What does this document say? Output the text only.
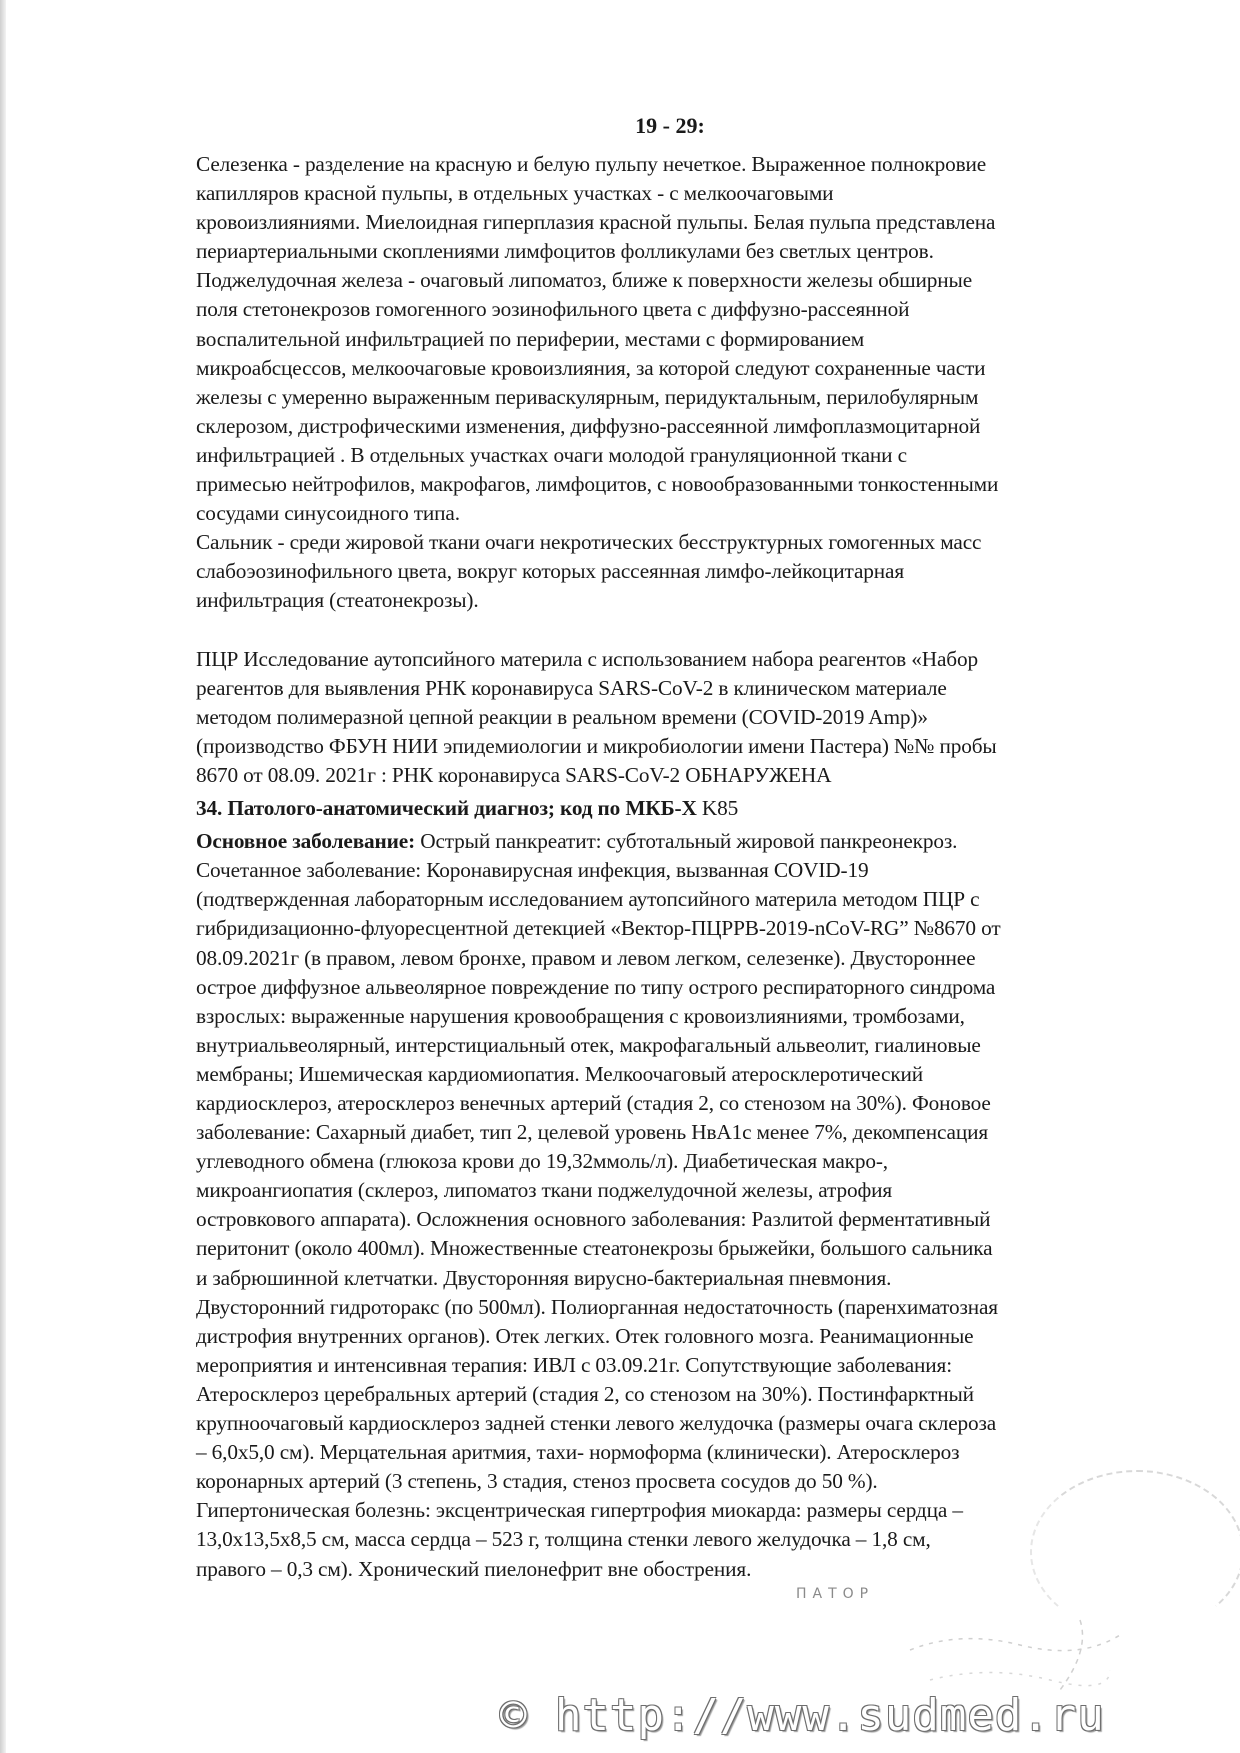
19 - 29:
Селезенка - разделение на красную и белую пульпу нечеткое. Выраженное полнокровие
капилляров красной пульпы, в отдельных участках - с мелкоочаговыми
кровоизлияниями. Миелоидная гиперплазия красной пульпы. Белая пульпа представлена
периартериальными скоплениями лимфоцитов фолликулами без светлых центров.
Поджелудочная железа - очаговый липоматоз, ближе к поверхности железы обширные
поля стетонекрозов гомогенного эозинофильного цвета с диффузно-рассеянной
воспалительной инфильтрацией по периферии, местами с формированием
микроабсцессов, мелкоочаговые кровоизлияния, за которой следуют сохраненные части
железы с умеренно выраженным периваскулярным, перидуктальным, перилобулярным
склерозом, дистрофическими изменения, диффузно-рассеянной лимфоплазмоцитарной
инфильтрацией . В отдельных участках очаги молодой грануляционной ткани с
примесью нейтрофилов, макрофагов, лимфоцитов, с новообразованными тонкостенными
сосудами синусоидного типа.
Сальник - среди жировой ткани очаги некротических бесструктурных гомогенных масс
слабоэозинофильного цвета, вокруг которых рассеянная лимфо-лейкоцитарная
инфильтрация (стеатонекрозы).
ПЦР Исследование аутопсийного материла с использованием набора реагентов «Набор
реагентов для выявления РНК коронавируса SARS-CoV-2 в клиническом материале
методом полимеразной цепной реакции в реальном времени (COVID-2019 Amp)»
(производство ФБУН НИИ эпидемиологии и микробиологии имени Пастера) №№ пробы
8670 от 08.09. 2021г : РНК коронавируса SARS-CoV-2 ОБНАРУЖЕНА
34. Патолого-анатомический диагноз; код по МКБ-Х K85
Основное заболевание: Острый панкреатит: субтотальный жировой панкреонекроз.
Сочетанное заболевание: Коронавирусная инфекция, вызванная COVID-19
(подтвержденная лабораторным исследованием аутопсийного материла методом ПЦР с
гибридизационно-флуоресцентной детекцией «Вектор-ПЦРРВ-2019-nCoV-RG” №8670 от
08.09.2021г (в правом, левом бронхе, правом и левом легком, селезенке). Двустороннее
острое диффузное альвеолярное повреждение по типу острого респираторного синдрома
взрослых: выраженные нарушения кровообращения с кровоизлияниями, тромбозами,
внутриальвеолярный, интерстициальный отек, макрофагальный альвеолит, гиалиновые
мембраны; Ишемическая кардиомиопатия. Мелкоочаговый атеросклеротический
кардиосклероз, атеросклероз венечных артерий (стадия 2, со стенозом на 30%). Фоновое
заболевание: Сахарный диабет, тип 2, целевой уровень НвА1с менее 7%, декомпенсация
углеводного обмена (глюкоза крови до 19,32ммоль/л). Диабетическая макро-,
микроангиопатия (склероз, липоматоз ткани поджелудочной железы, атрофия
островкового аппарата). Осложнения основного заболевания: Разлитой ферментативный
перитонит (около 400мл). Множественные стеатонекрозы брыжейки, большого сальника
и забрюшинной клетчатки. Двусторонняя вирусно-бактериальная пневмония.
Двусторонний гидроторакс (по 500мл). Полиорганная недостаточность (паренхиматозная
дистрофия внутренних органов). Отек легких. Отек головного мозга. Реанимационные
мероприятия и интенсивная терапия: ИВЛ с 03.09.21г. Сопутствующие заболевания:
Атеросклероз церебральных артерий (стадия 2, со стенозом на 30%). Постинфарктный
крупноочаговый кардиосклероз задней стенки левого желудочка (размеры очага склероза
– 6,0х5,0 см). Мерцательная аритмия, тахи- нормоформа (клинически). Атеросклероз
коронарных артерий (3 степень, 3 стадия, стеноз просвета сосудов до 50 %).
Гипертоническая болезнь: эксцентрическая гипертрофия миокарда: размеры сердца –
13,0х13,5х8,5 см, масса сердца – 523 г, толщина стенки левого желудочка – 1,8 см,
правого – 0,3 см). Хронический пиелонефрит вне обострения.
ПАТОР
© http://www.sudmed.ru
